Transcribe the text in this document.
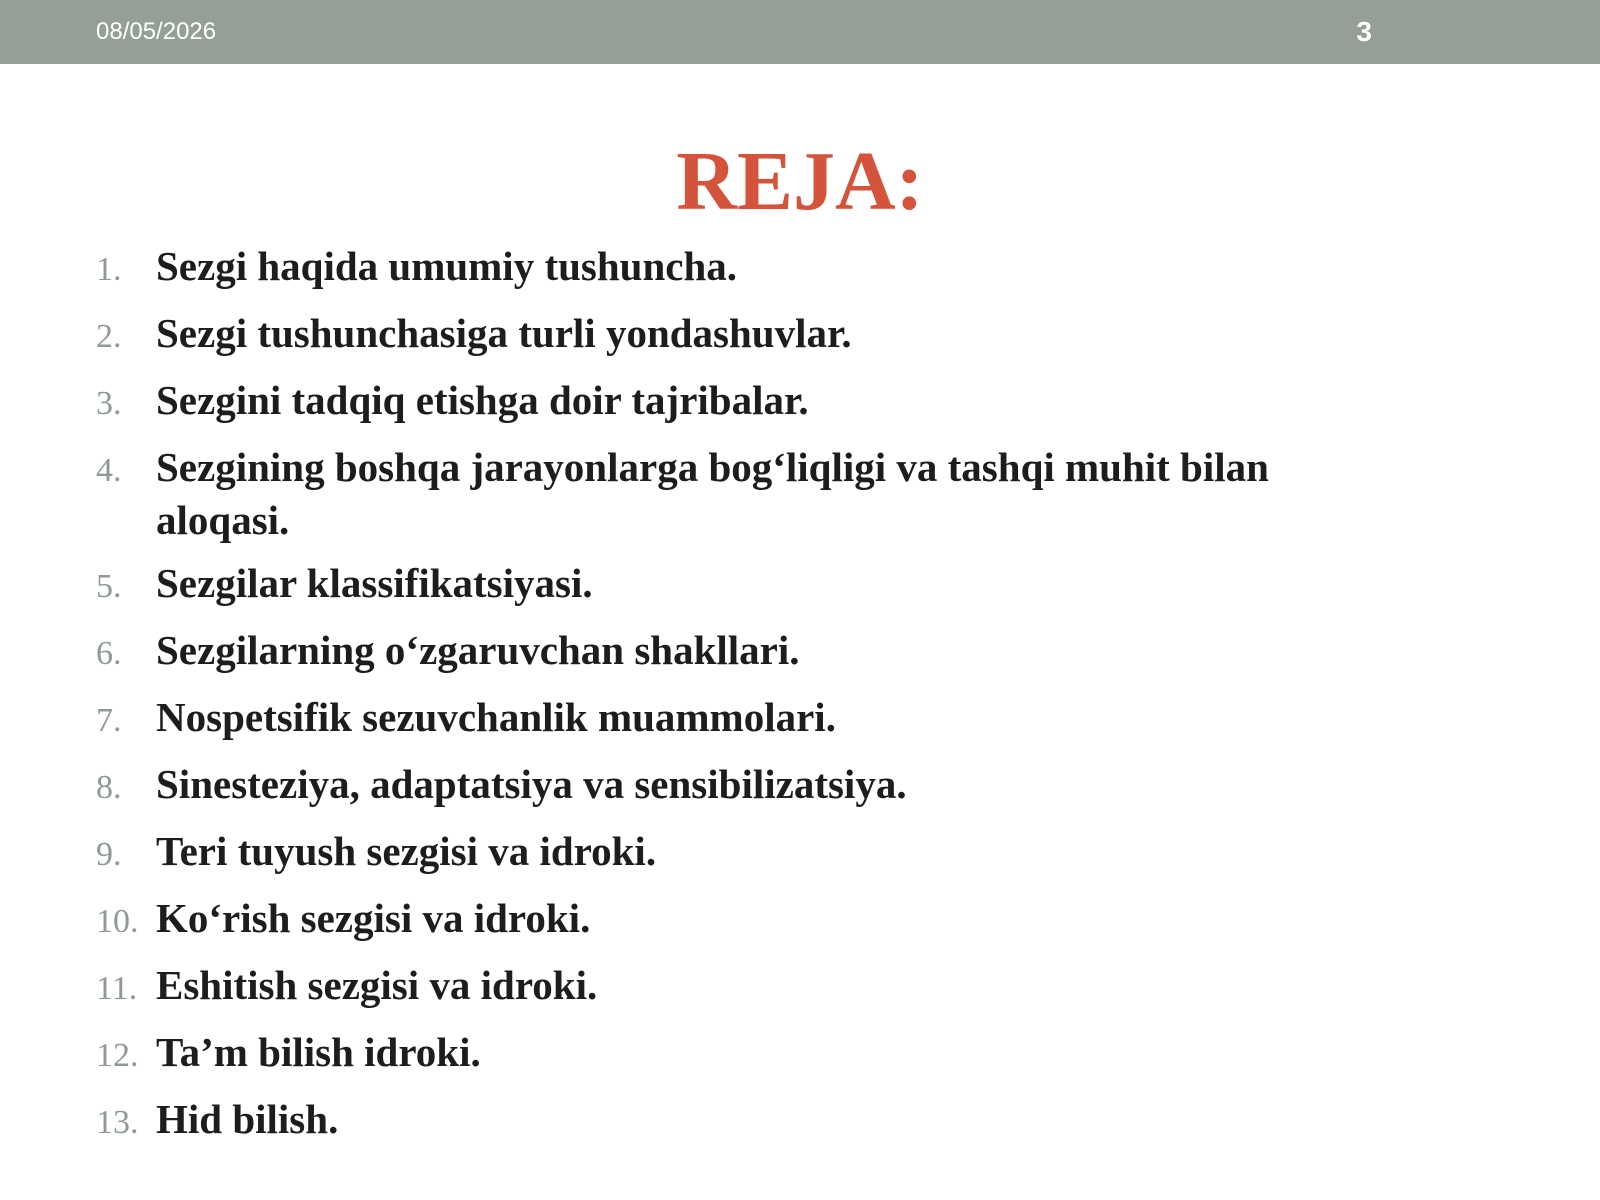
08/05/2026	3
REJA:
1. Sezgi haqida umumiy tushuncha.
2. Sezgi tushunchasiga turli yondashuvlar.
3. Sezgini tadqiq etishga doir tajribalar.
4. Sezgining boshqa jarayonlarga bog‘liqligi va tashqi muhit bilan aloqasi.
5. Sezgilar klassifikatsiyasi.
6. Sezgilarning o‘zgaruvchan shakllari.
7. Nospetsifik sezuvchanlik muammolari.
8. Sinesteziya, adaptatsiya va sensibilizatsiya.
9. Teri tuyush sezgisi va idroki.
10. Ko‘rish sezgisi va idroki.
11. Eshitish sezgisi va idroki.
12. Ta’m bilish idroki.
13. Hid bilish.
